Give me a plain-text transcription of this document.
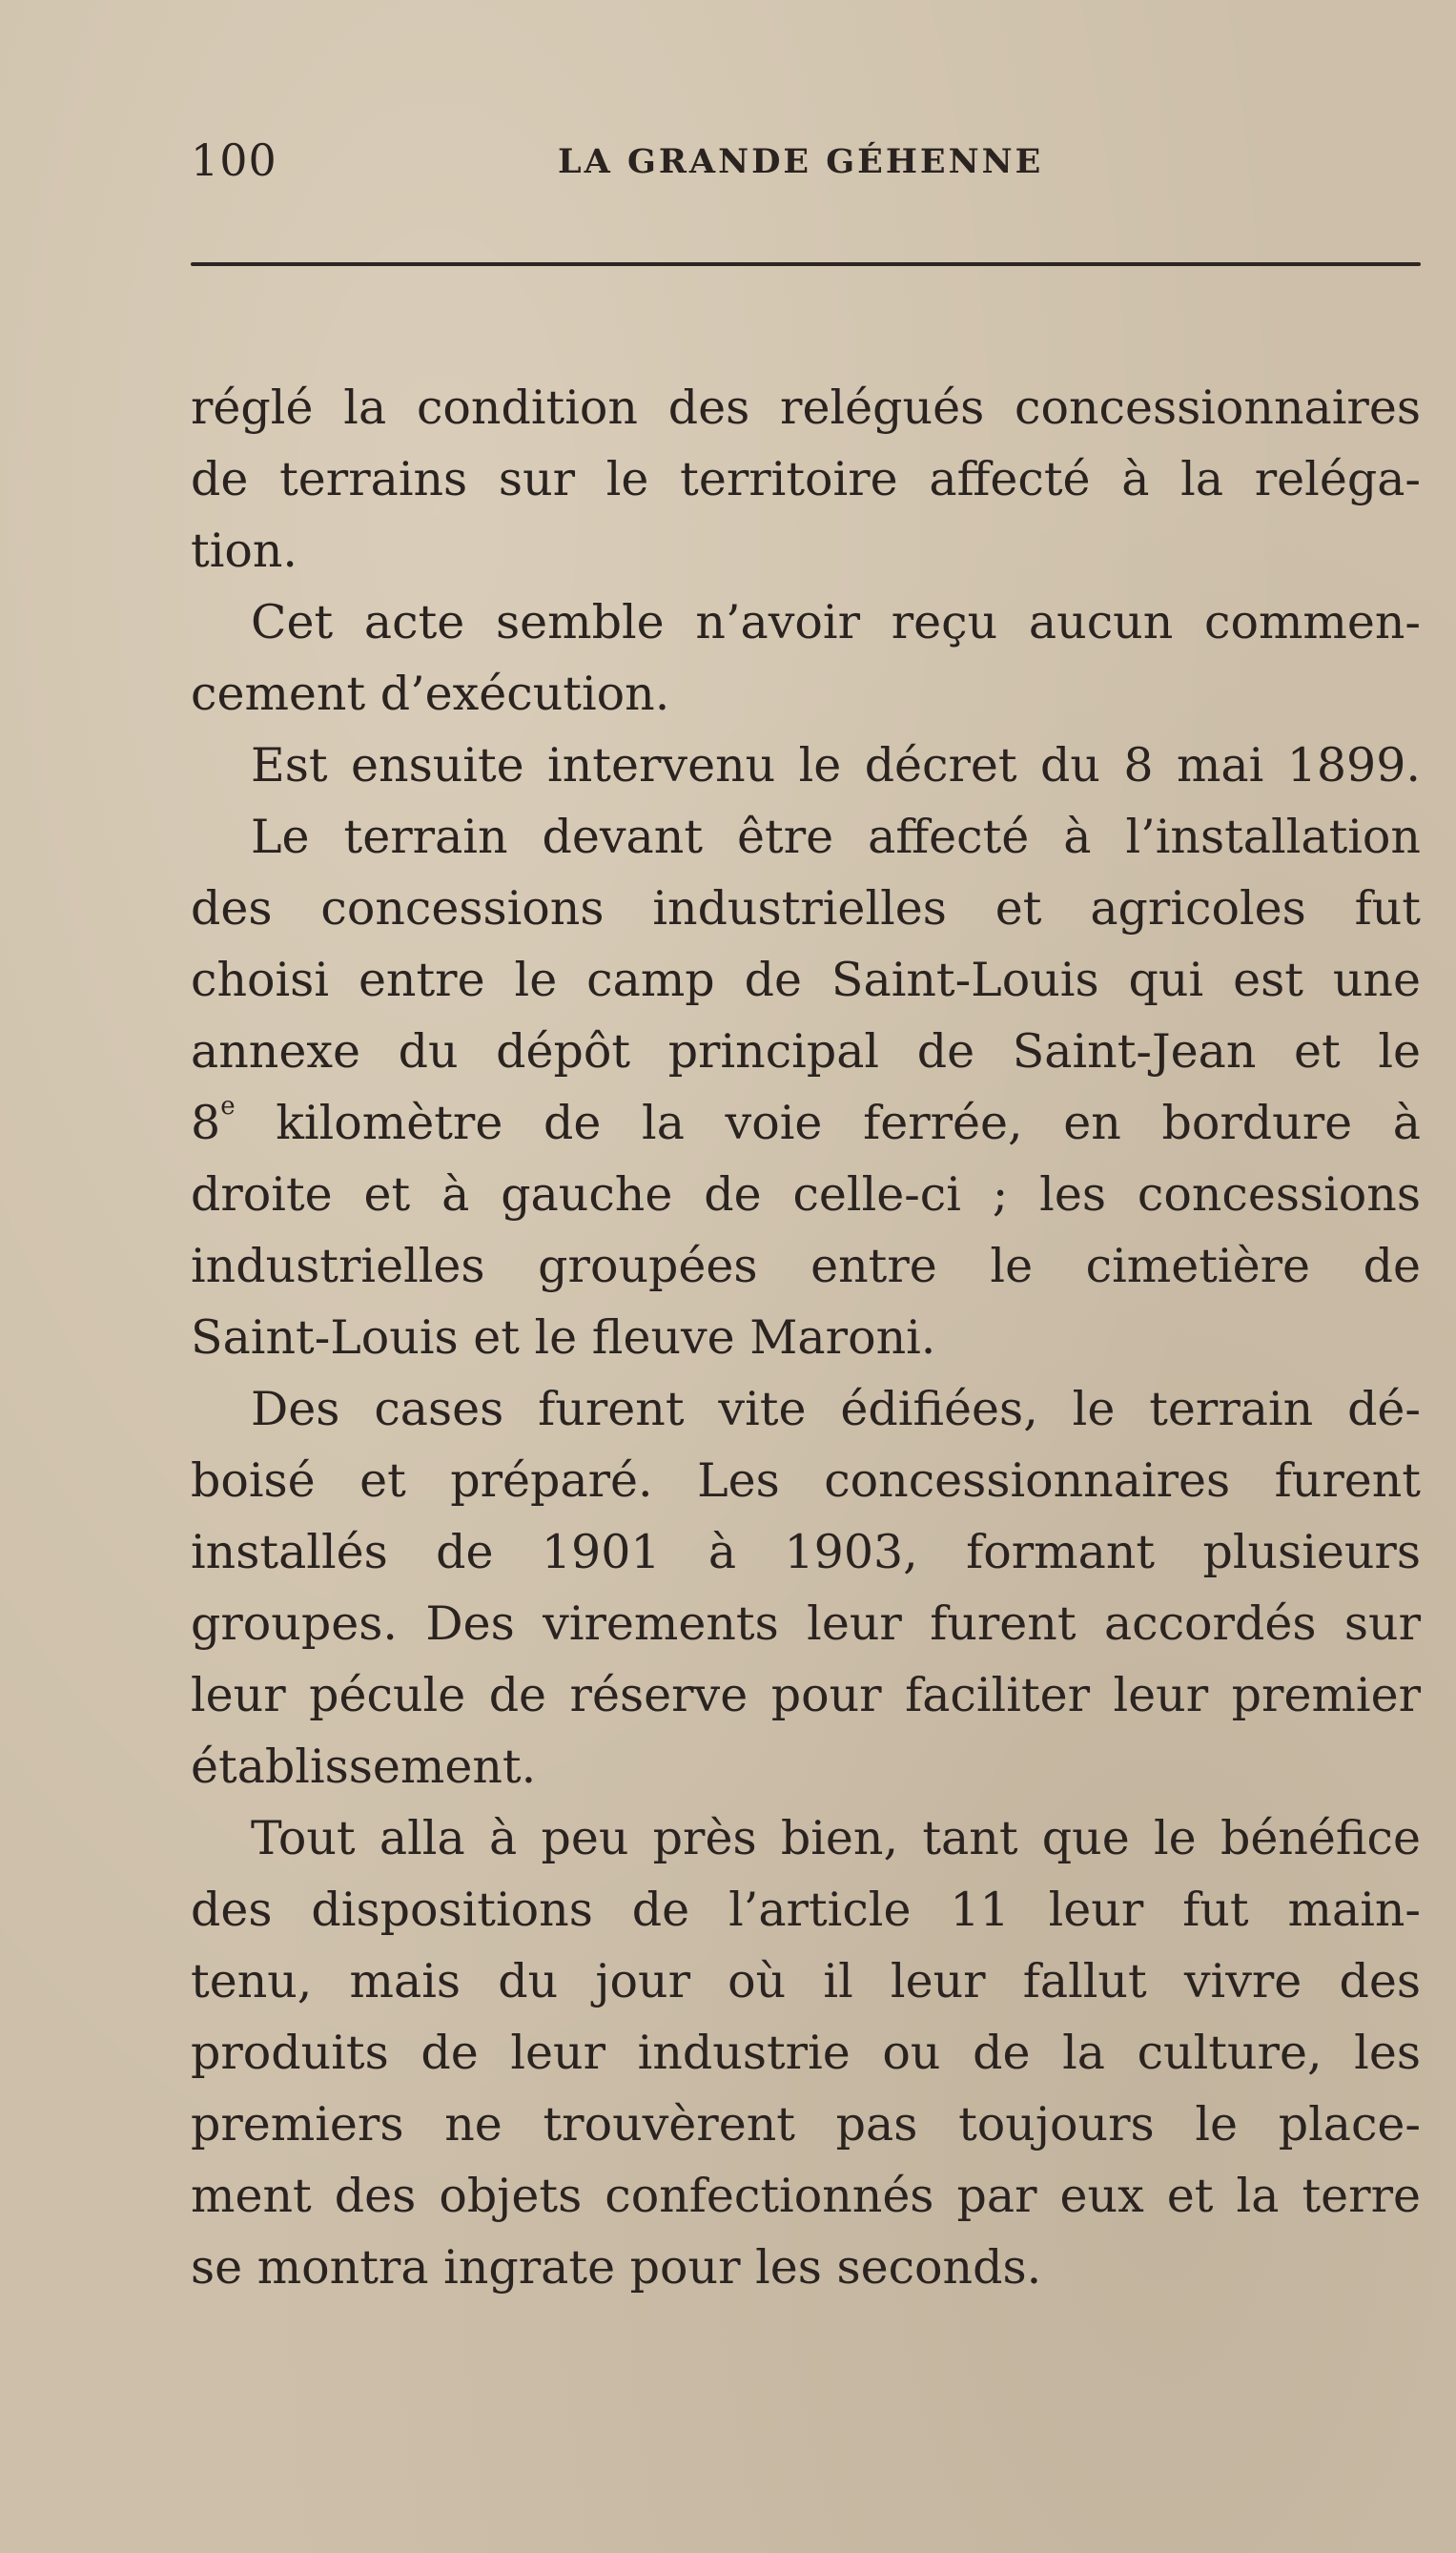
100	LA GRANDE GÉHENNE
réglé la condition des relégués concessionnaires
de terrains sur le territoire affecté à la reléga-
tion.
Cet acte semble n’avoir reçu aucun commen-
cement d’exécution.
Est ensuite intervenu le décret du 8 mai 1899.
Le terrain devant être affecté à l’installation
des concessions industrielles et agricoles fut
choisi entre le camp de Saint-Louis qui est une
annexe du dépôt principal de Saint-Jean et le
8e kilomètre de la voie ferrée, en bordure à
droite et à gauche de celle-ci ; les concessions
industrielles groupées entre le cimetière de
Saint-Louis et le fleuve Maroni.
Des cases furent vite édifiées, le terrain dé-
boisé et préparé. Les concessionnaires furent
installés de 1901 à 1903, formant plusieurs
groupes. Des virements leur furent accordés sur
leur pécule de réserve pour faciliter leur premier
établissement.
Tout alla à peu près bien, tant que le bénéfice
des dispositions de l’article 11 leur fut main-
tenu, mais du jour où il leur fallut vivre des
produits de leur industrie ou de la culture, les
premiers ne trouvèrent pas toujours le place-
ment des objets confectionnés par eux et la terre
se montra ingrate pour les seconds.
